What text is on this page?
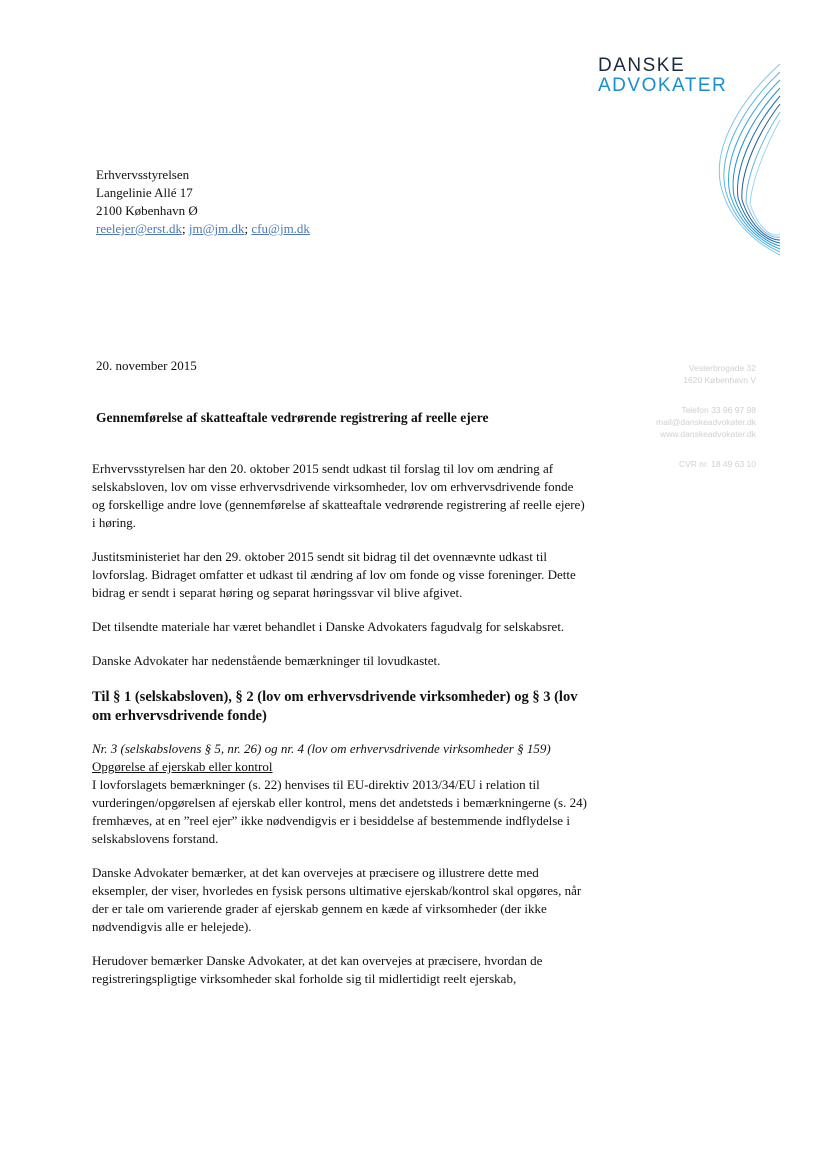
DANSKE
ADVOKATER
Vesterbrogade 32
1620 København V
Telefon 33 96 97 98
mail@danskeadvokater.dk
www.danskeadvokater.dk
CVR nr. 18 49 63 10
Erhvervsstyrelsen
Langelinie Allé 17
2100 København Ø
reelejer@erst.dk; jm@jm.dk; cfu@jm.dk
20. november 2015
Gennemførelse af skatteaftale vedrørende registrering af reelle ejere

Erhvervsstyrelsen har den 20. oktober 2015 sendt udkast til forslag til lov om ændring af selskabsloven, lov om visse erhvervsdrivende virksomheder, lov om erhvervsdrivende fonde og forskellige andre love (gennemførelse af skatteaftale vedrørende registrering af reelle ejere) i høring.

Justitsministeriet har den 29. oktober 2015 sendt sit bidrag til det ovennævnte udkast til lovforslag. Bidraget omfatter et udkast til ændring af lov om fonde og visse foreninger. Dette bidrag er sendt i separat høring og separat høringssvar vil blive afgivet.

Det tilsendte materiale har været behandlet i Danske Advokaters fagudvalg for selskabsret.

Danske Advokater har nedenstående bemærkninger til lovudkastet.

Til § 1 (selskabsloven), § 2 (lov om erhvervsdrivende virksomheder) og § 3 (lov om erhvervsdrivende fonde)

Nr. 3 (selskabslovens § 5, nr. 26) og nr. 4 (lov om erhvervsdrivende virksomheder § 159)

Opgørelse af ejerskab eller kontrol

I lovforslagets bemærkninger (s. 22) henvises til EU-direktiv 2013/34/EU i relation til vurderingen/opgørelsen af ejerskab eller kontrol, mens det andetsteds i bemærkningerne (s. 24) fremhæves, at en ”reel ejer” ikke nødvendigvis er i besiddelse af bestemmende indflydelse i selskabslovens forstand.

Danske Advokater bemærker, at det kan overvejes at præcisere og illustrere dette med eksempler, der viser, hvorledes en fysisk persons ultimative ejerskab/kontrol skal opgøres, når der er tale om varierende grader af ejerskab gennem en kæde af virksomheder (der ikke nødvendigvis alle er helejede).

Herudover bemærker Danske Advokater, at det kan overvejes at præcisere, hvordan de registreringspligtige virksomheder skal forholde sig til midlertidigt reelt ejerskab,
